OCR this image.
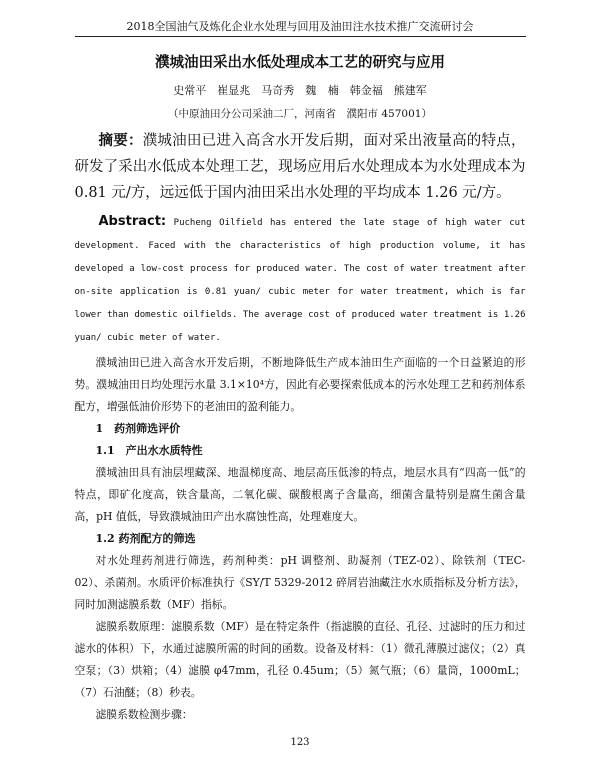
2018全国油气及炼化企业水处理与回用及油田注水技术推广交流研讨会
濮城油田采出水低处理成本工艺的研究与应用
史常平　崔显兆　马奇秀　魏 楠　韩金福　熊建军
（中原油田分公司采油二厂，河南省　濮阳市 457001）
摘要：濮城油田已进入高含水开发后期，面对采出液量高的特点，研发了采出水低成本处理工艺，现场应用后水处理成本为水处理成本为 0.81 元/方，远远低于国内油田采出水处理的平均成本 1.26 元/方。
Abstract: Pucheng Oilfield has entered the late stage of high water cut development. Faced with the characteristics of high production volume, it has developed a low-cost process for produced water. The cost of water treatment after on-site application is 0.81 yuan/ cubic meter for water treatment, which is far lower than domestic oilfields. The average cost of produced water treatment is 1.26 yuan/ cubic meter of water.

濮城油田已进入高含水开发后期，不断地降低生产成本油田生产面临的一个日益紧迫的形势。濮城油田日均处理污水量 3.1×10⁴方，因此有必要探索低成本的污水处理工艺和药剂体系配方，增强低油价形势下的老油田的盈利能力。

1　药剂筛选评价
1.1　产出水水质特性

濮城油田具有油层埋藏深、地温梯度高、地层高压低渗的特点，地层水具有“四高一低”的特点，即矿化度高，铁含量高，二氧化碳、碳酸根离子含量高，细菌含量特别是腐生菌含量高，pH 值低，导致濮城油田产出水腐蚀性高，处理难度大。

1.2 药剂配方的筛选

对水处理药剂进行筛选，药剂种类：pH 调整剂、助凝剂（TEZ-02）、除铁剂（TEC-02）、杀菌剂。水质评价标准执行《SY/T 5329-2012 碎屑岩油藏注水水质指标及分析方法》，同时加测滤膜系数（MF）指标。

滤膜系数原理：滤膜系数（MF）是在特定条件（指滤膜的直径、孔径、过滤时的压力和过滤水的体积）下，水通过滤膜所需的时间的函数。设备及材料：（1）微孔薄膜过滤仪；（2）真空泵；（3）烘箱；（4）滤膜 φ47mm，孔径 0.45um；（5）氮气瓶；（6）量筒，1000mL；（7）石油醚；（8）秒表。

滤膜系数检测步骤：

123
